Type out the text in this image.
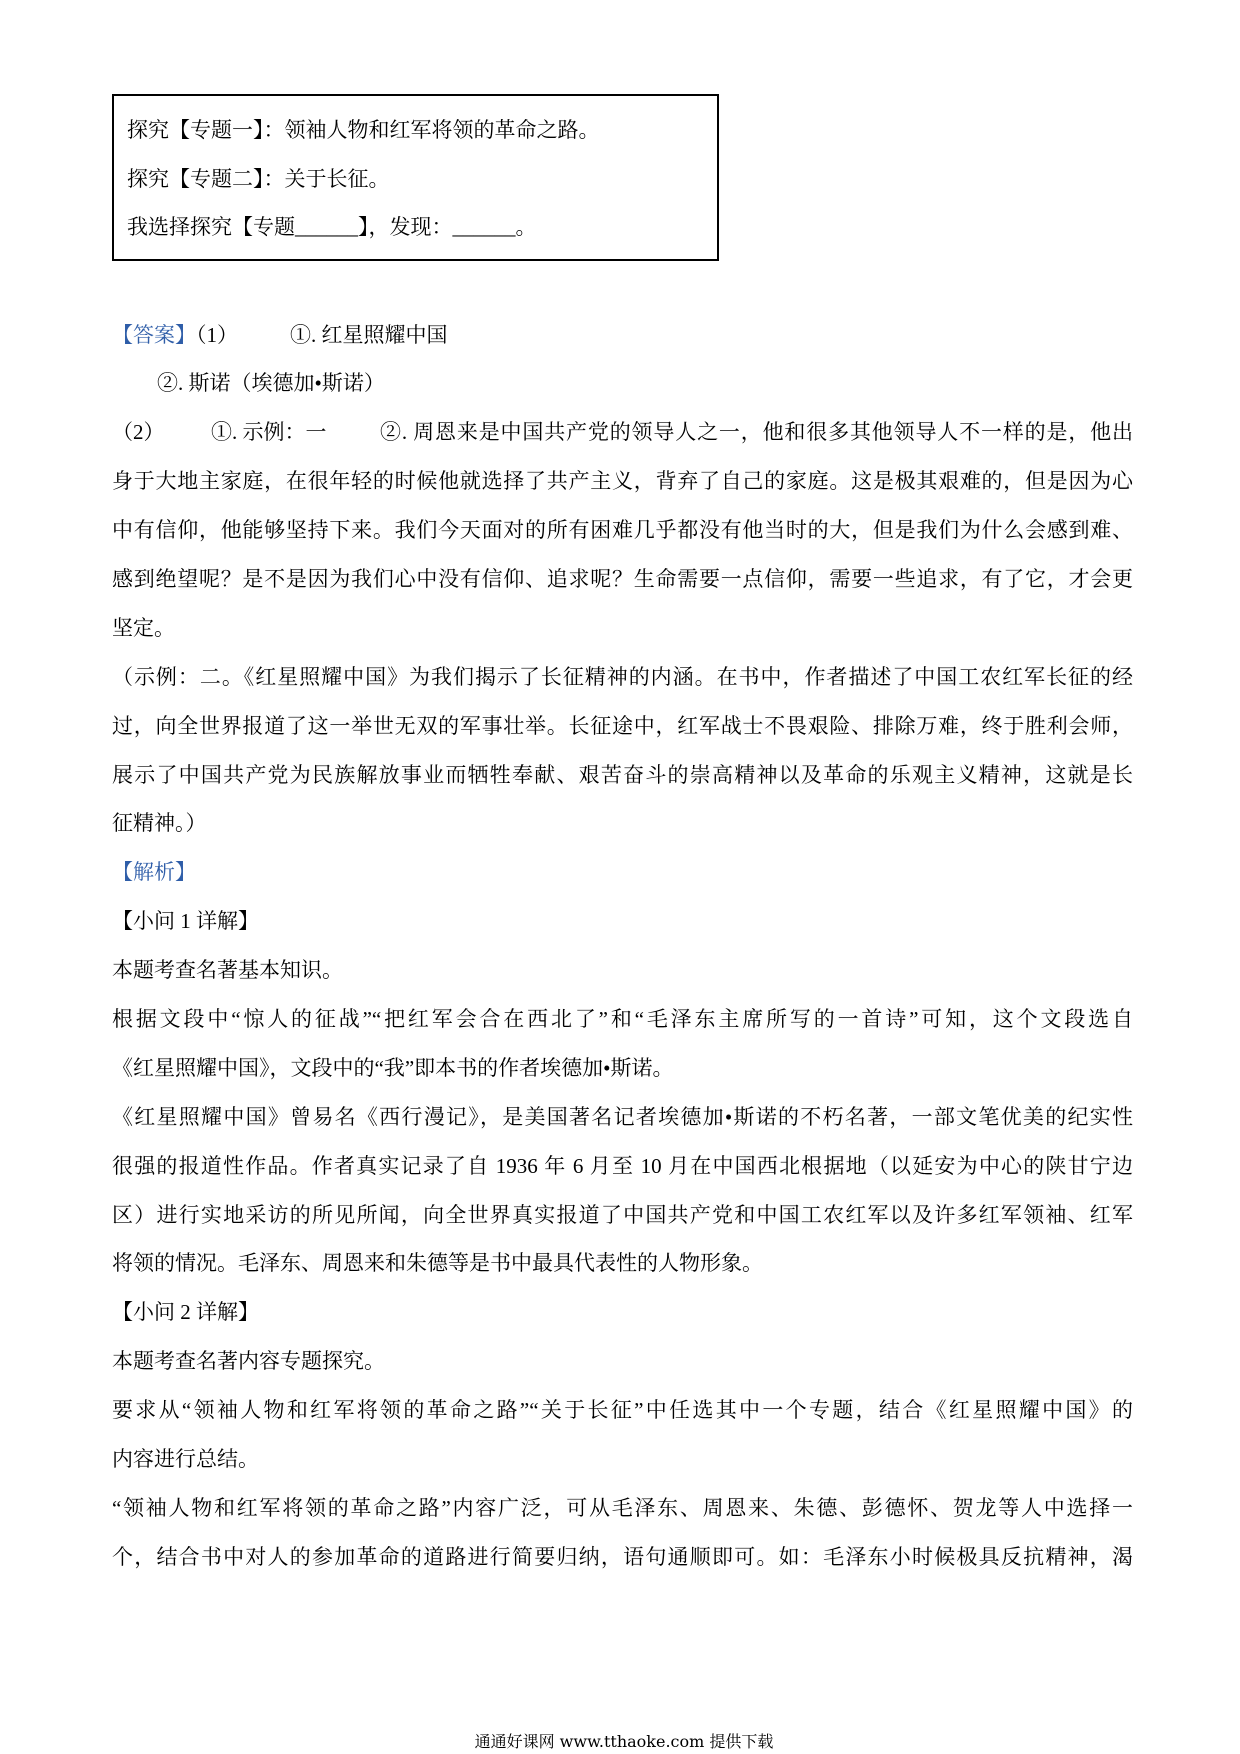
探究【专题一】：领袖人物和红军将领的革命之路。
探究【专题二】：关于长征。
我选择探究【专题______】，发现：______。
【答案】（1） ①. 红星照耀中国
②. 斯诺（埃德加•斯诺）
（2）	①. 示例：一	②. 周恩来是中国共产党的领导人之一，他和很多其他领导人不一样的是，他出
身于大地主家庭，在很年轻的时候他就选择了共产主义，背弃了自己的家庭。这是极其艰难的，但是因为心
中有信仰，他能够坚持下来。我们今天面对的所有困难几乎都没有他当时的大，但是我们为什么会感到难、
感到绝望呢？是不是因为我们心中没有信仰、追求呢？生命需要一点信仰，需要一些追求，有了它，才会更
坚定。
（示例：二。《红星照耀中国》为我们揭示了长征精神的内涵。在书中，作者描述了中国工农红军长征的经
过，向全世界报道了这一举世无双的军事壮举。长征途中，红军战士不畏艰险、排除万难，终于胜利会师，
展示了中国共产党为民族解放事业而牺牲奉献、艰苦奋斗的崇高精神以及革命的乐观主义精神，这就是长
征精神。）
【解析】
【小问 1 详解】
本题考查名著基本知识。
根据文段中“惊人的征战”“把红军会合在西北了”和“毛泽东主席所写的一首诗”可知，这个文段选自
《红星照耀中国》，文段中的“我”即本书的作者埃德加•斯诺。
《红星照耀中国》曾易名《西行漫记》，是美国著名记者埃德加•斯诺的不朽名著，一部文笔优美的纪实性
很强的报道性作品。作者真实记录了自 1936 年 6 月至 10 月在中国西北根据地（以延安为中心的陕甘宁边
区）进行实地采访的所见所闻，向全世界真实报道了中国共产党和中国工农红军以及许多红军领袖、红军
将领的情况。毛泽东、周恩来和朱德等是书中最具代表性的人物形象。
【小问 2 详解】
本题考查名著内容专题探究。
要求从“领袖人物和红军将领的革命之路”“关于长征”中任选其中一个专题，结合《红星照耀中国》的
内容进行总结。
“领袖人物和红军将领的革命之路”内容广泛，可从毛泽东、周恩来、朱德、彭德怀、贺龙等人中选择一
个，结合书中对人的参加革命的道路进行简要归纳，语句通顺即可。如：毛泽东小时候极具反抗精神，渴
通通好课网 www.tthaoke.com 提供下载
